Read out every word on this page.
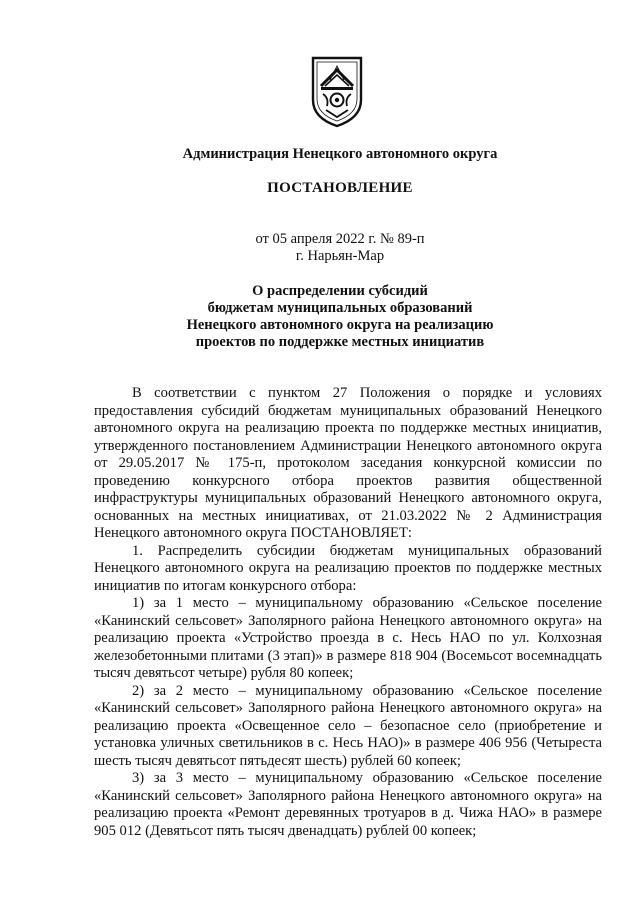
Администрация Ненецкого автономного округа
ПОСТАНОВЛЕНИЕ
от 05 апреля 2022 г. № 89-п
г. Нарьян-Мар
О распределении субсидий
бюджетам муниципальных образований
Ненецкого автономного округа на реализацию
проектов по поддержке местных инициатив

В соответствии с пунктом 27 Положения о порядке и условиях предоставления субсидий бюджетам муниципальных образований Ненецкого автономного округа на реализацию проекта по поддержке местных инициатив, утвержденного постановлением Администрации Ненецкого автономного округа от 29.05.2017 № 175-п, протоколом заседания конкурсной комиссии по проведению конкурсного отбора проектов развития общественной инфраструктуры муниципальных образований Ненецкого автономного округа, основанных на местных инициативах, от 21.03.2022 № 2 Администрация Ненецкого автономного округа ПОСТАНОВЛЯЕТ:

1. Распределить субсидии бюджетам муниципальных образований Ненецкого автономного округа на реализацию проектов по поддержке местных инициатив по итогам конкурсного отбора:

1) за 1 место – муниципальному образованию «Сельское поселение «Канинский сельсовет» Заполярного района Ненецкого автономного округа» на реализацию проекта «Устройство проезда в с. Несь НАО по ул. Колхозная железобетонными плитами (3 этап)» в размере 818 904 (Восемьсот восемнадцать тысяч девятьсот четыре) рубля 80 копеек;

2) за 2 место – муниципальному образованию «Сельское поселение «Канинский сельсовет» Заполярного района Ненецкого автономного округа» на реализацию проекта «Освещенное село – безопасное село (приобретение и установка уличных светильников в с. Несь НАО)» в размере 406 956 (Четыреста шесть тысяч девятьсот пятьдесят шесть) рублей 60 копеек;

3) за 3 место – муниципальному образованию «Сельское поселение «Канинский сельсовет» Заполярного района Ненецкого автономного округа» на реализацию проекта «Ремонт деревянных тротуаров в д. Чижа НАО» в размере 905 012 (Девятьсот пять тысяч двенадцать) рублей 00 копеек;
